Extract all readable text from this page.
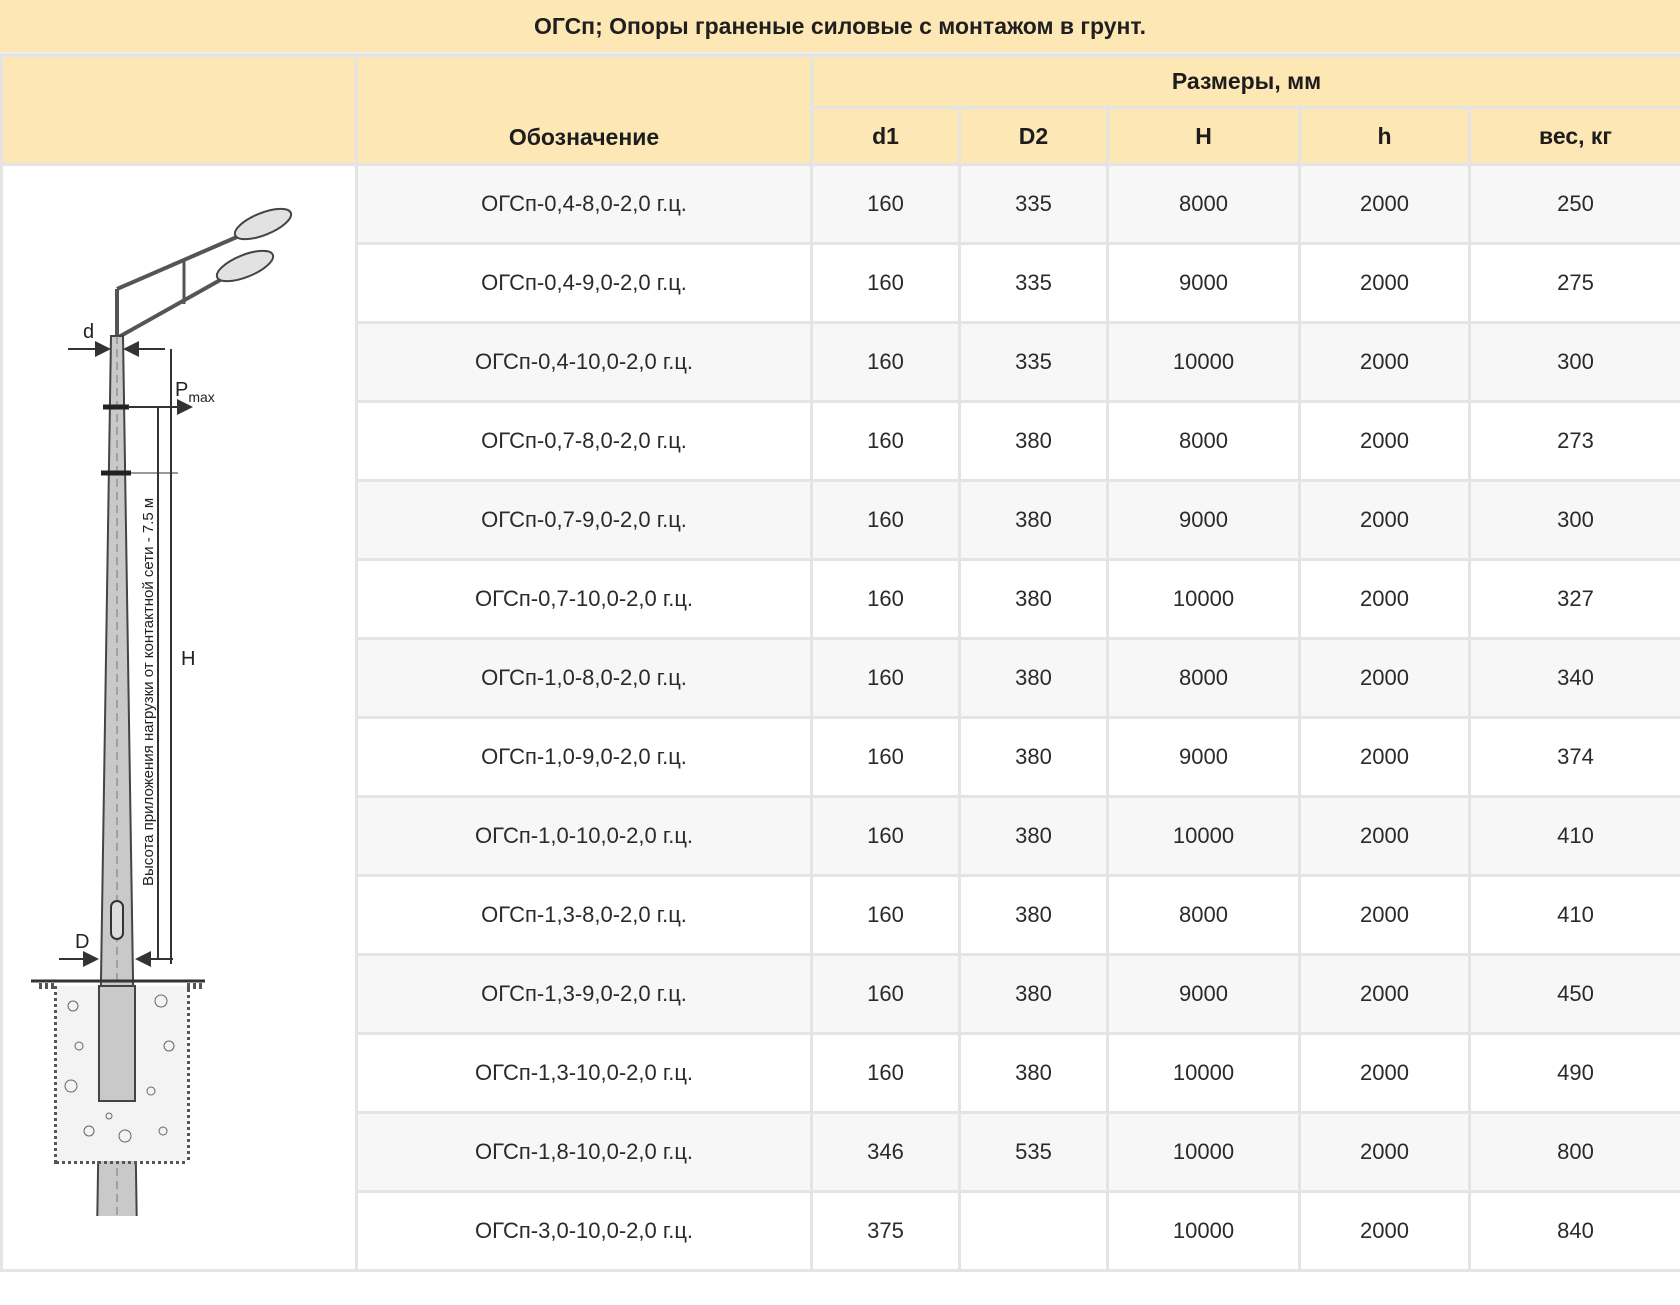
ОГСп; Опоры граненые силовые с монтажом в грунт.
	Обозначение	Размеры, мм				
		d1	D2	H	h	вес, кг

d
$P_{max}$
Высота приложения нагрузки от контактной сети - 7.5 м H
D	ОГСп-0,4-8,0-2,0 г.ц.	160	335	8000	2000	250
	ОГСп-0,4-9,0-2,0 г.ц.	160	335	9000	2000	275
	ОГСп-0,4-10,0-2,0 г.ц.	160	335	10000	2000	300
	ОГСп-0,7-8,0-2,0 г.ц.	160	380	8000	2000	273
	ОГСп-0,7-9,0-2,0 г.ц.	160	380	9000	2000	300
	ОГСп-0,7-10,0-2,0 г.ц.	160	380	10000	2000	327
	ОГСп-1,0-8,0-2,0 г.ц.	160	380	8000	2000	340
	ОГСп-1,0-9,0-2,0 г.ц.	160	380	9000	2000	374
	ОГСп-1,0-10,0-2,0 г.ц.	160	380	10000	2000	410
	ОГСп-1,3-8,0-2,0 г.ц.	160	380	8000	2000	410
	ОГСп-1,3-9,0-2,0 г.ц.	160	380	9000	2000	450
	ОГСп-1,3-10,0-2,0 г.ц.	160	380	10000	2000	490
	ОГСп-1,8-10,0-2,0 г.ц.	346	535	10000	2000	800
	ОГСп-3,0-10,0-2,0 г.ц.	375		10000	2000	840
